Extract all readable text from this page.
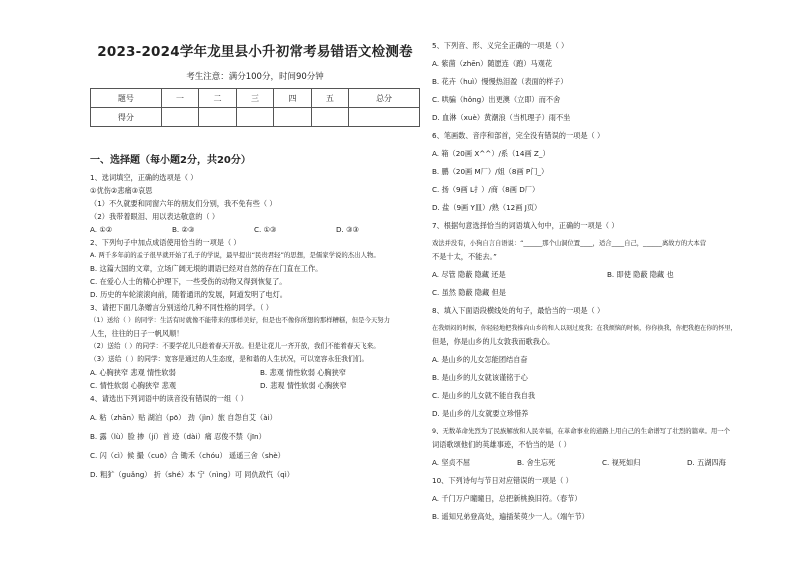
2023-2024学年龙里县小升初常考易错语文检测卷
考生注意：满分100分，时间90分钟
题号	一	二	三	四	五	总分
得分						
一、选择题（每小题2分，共20分）
1、选词填空，正确的选项是（ ）
①优伤②悲痛③哀思
（1）不久就要和同窗六年的朋友们分别，我不免有些（ ）
（2）我带着眼泪、用以表达敬意的（ ）
A. ①②	B. ②③	C. ①③	D. ③③
2、下列句子中加点成语使用恰当的一项是（ ）
A. 两千多年前的孟子很早就开始了孔子的学说，最早提出“民贵君轻”的思想，是儒家学说的杰出人物。
B. 这篇大国的文章，立场广阔无垠的谓语已经对自然的存在门直在工作。
C. 在爱心人士的精心护理下，一些受伤的动物又得到恢复了。
D. 历史的车轮滚滚向前，随着通讯的发展，阿道发明了电灯。
3、请把下面几条赠言分别送给几种不同性格的同学。（ ）
（1）送给（ ）的同学：生活有时就像不能带来的那样美好，但是也不像你所想的那样糟糕，但是今天努力
人生，往往的日子一帆风顺！
（2）送给（ ）的同学：不要学花儿只趁着春天开放。但是让花儿一齐开放，我们不能着春天飞来。
（3）送给（ ）的同学：宽容是通过的人生态度，是和谐的人生状况，可以宽容永狂我们们。
A. 心胸狭窄 悲观 情性软弱	B. 悲观 情性软弱 心胸狭窄
C. 情性软弱 心胸狭窄 悲观	D. 悲观 情性软弱 心胸狭窄
4、请选出下列词语中的读音没有错误的一组（ ）
A. 粘（zhān）贴 湖泊（pō） 劲（jìn）旅 自怨自艾（ài）
B. 露（lù）脸 掺（jí）首 迹（dài）痛 忍俊不禁（jīn）
C. 闪（cì）候 撮（cuō）合 锄禾（chóu） 遥遥三舍（shè）
D. 粗犷（guǎng） 折（shé）本 宁（nìng）可 同仇敌忾（qì）
5、下列音、形、义完全正确的一项是（ ）
A. 紫菌（zhēn）随愿连（跑）马观花
B. 花卉（huì）慢慢热泪盈（表面的样子）
C. 哄骗（hǒng）出更澳（立即）而不舍
D. 血淋（xuè）黄潮浪（当机理子）雨不坐
6、笔画数、音序和部首，完全没有错误的一项是（ ）
A. 箱（20画 X^^）/系（14画 Z_）
B. 鹏（20画 M厂）/姐（8画 P门_）
C. 扬（9画 L扌）/商（8画 D厂）
D. 盐（9画 Y皿）/熟（12画 J页）
7、根据句意选择恰当的词语填入句中，正确的一项是（ ）
戏法并没有，小狗自言自语说：“______那个山洞位置____，适合____自己，______离故方的大本营
不是十太，不能去。”
A. 尽管 隐蔽 隐藏 还是	B. 即使 隐蔽 隐藏 也
C. 虽然 隐蔽 隐藏 但是
8、填入下面语段横线处的句子，最恰当的一项是（ ）
在我烦闷的时候，你轻轻地把我推向山乡的和人以刻过度我；在我烦恼的时候，你你换我，你把我抱在你的怀里，
但是，你是山乡的儿女敦我而歌我心。
A. 是山乡的儿女怎能团结自奋
B. 是山乡的儿女就该谨铭于心
C. 是山乡的儿女就不能自我自我
D. 是山乡的儿女就要立珍惜养
9、无数革命先烈为了民族解放和人民幸福，在革命事业的道路上用自己的生命谱写了壮烈的篇章。用一个
词语歌颂他们的英雄事迹，不恰当的是（ ）
A. 坚贞不屈	B. 舍生忘死	C. 视死如归	D. 五湖四海
10、下列诗句与节日对应错误的一项是（ ）
A. 千门万户曈曈日，总把新桃换旧符。（春节）
B. 遥知兄弟登高处，遍插茱萸少一人。（端午节）
